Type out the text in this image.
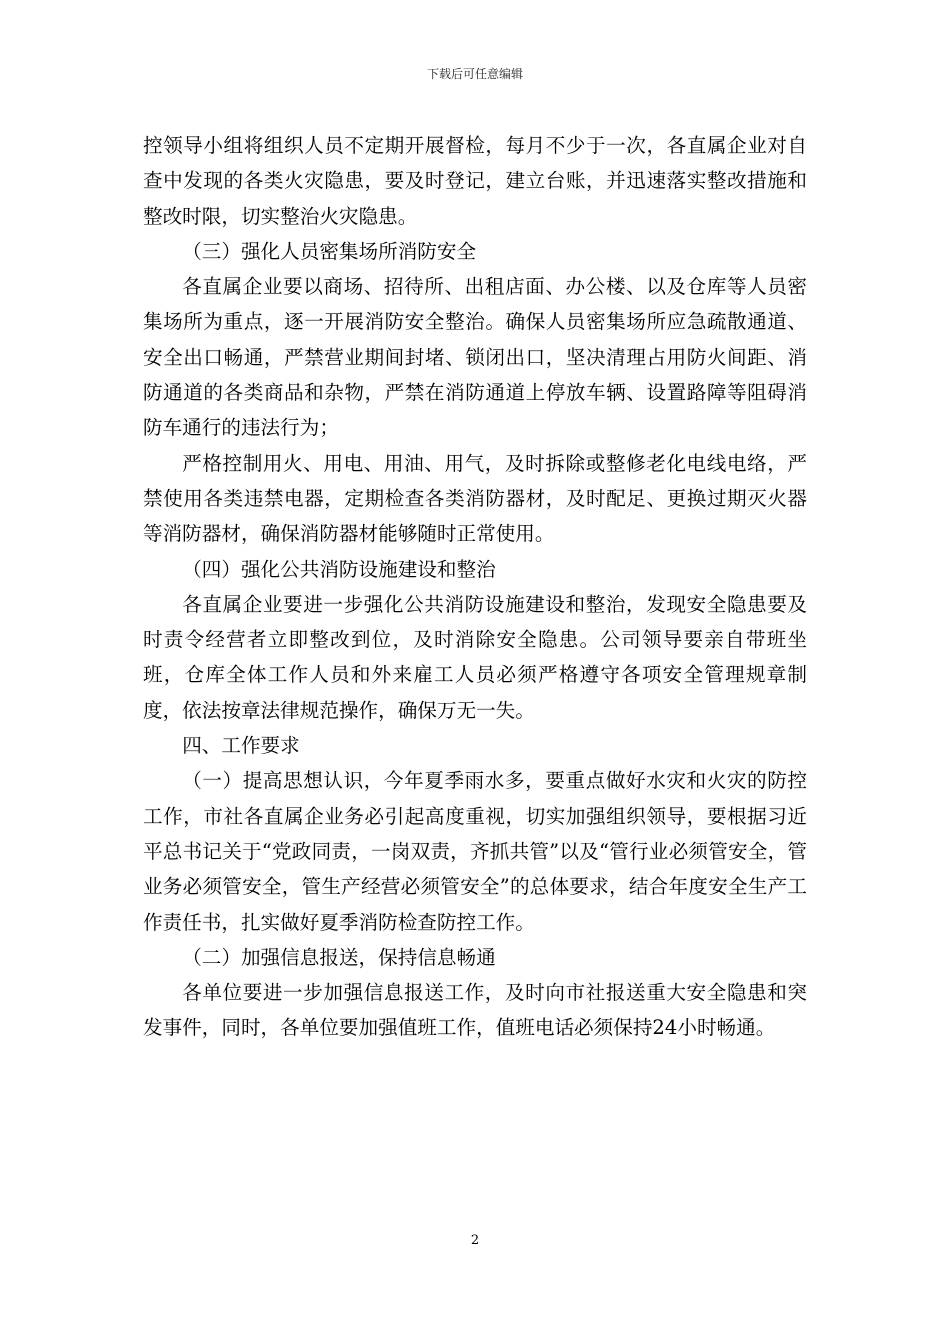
下载后可任意编辑

控领导小组将组织人员不定期开展督检，每月不少于一次，各直属企业对自查中发现的各类火灾隐患，要及时登记，建立台账，并迅速落实整改措施和整改时限，切实整治火灾隐患。

（三）强化人员密集场所消防安全

各直属企业要以商场、招待所、出租店面、办公楼、以及仓库等人员密集场所为重点，逐一开展消防安全整治。确保人员密集场所应急疏散通道、安全出口畅通，严禁营业期间封堵、锁闭出口，坚决清理占用防火间距、消防通道的各类商品和杂物，严禁在消防通道上停放车辆、设置路障等阻碍消防车通行的违法行为；

严格控制用火、用电、用油、用气，及时拆除或整修老化电线电络，严禁使用各类违禁电器，定期检查各类消防器材，及时配足、更换过期灭火器等消防器材，确保消防器材能够随时正常使用。

（四）强化公共消防设施建设和整治

各直属企业要进一步强化公共消防设施建设和整治，发现安全隐患要及时责令经营者立即整改到位，及时消除安全隐患。公司领导要亲自带班坐班，仓库全体工作人员和外来雇工人员必须严格遵守各项安全管理规章制度，依法按章法律规范操作，确保万无一失。

四、工作要求

（一）提高思想认识，今年夏季雨水多，要重点做好水灾和火灾的防控工作，市社各直属企业务必引起高度重视，切实加强组织领导，要根据习近平总书记关于“党政同责，一岗双责，齐抓共管”以及“管行业必须管安全，管业务必须管安全，管生产经营必须管安全”的总体要求，结合年度安全生产工作责任书，扎实做好夏季消防检查防控工作。

（二）加强信息报送，保持信息畅通

各单位要进一步加强信息报送工作，及时向市社报送重大安全隐患和突发事件，同时，各单位要加强值班工作，值班电话必须保持24小时畅通。

2
